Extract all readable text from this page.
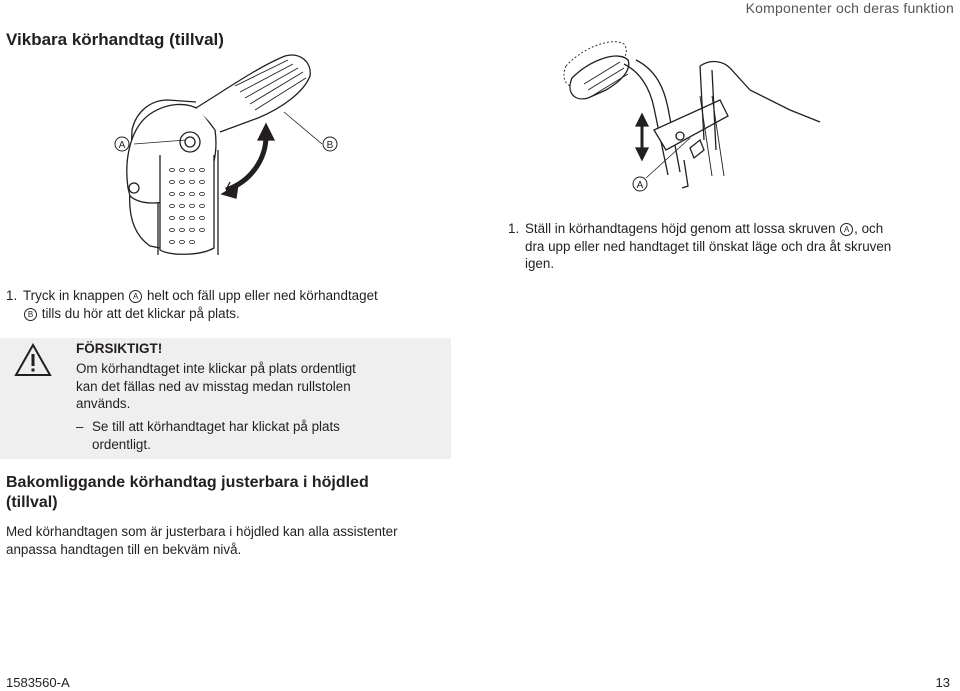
Komponenter och deras funktion
Vikbara körhandtag (tillval)
A	B
A
1. Ställ in körhandtagens höjd genom att lossa skruven A , och
dra upp eller ned handtaget till önskat läge och dra åt skruven
igen.
1. Tryck in knappen A helt och fäll upp eller ned körhandtaget
B tills du hör att det klickar på plats.
FÖRSIKTIGT!
Om körhandtaget inte klickar på plats ordentligt
kan det fällas ned av misstag medan rullstolen
används.
– Se till att körhandtaget har klickat på plats
ordentligt.
Bakomliggande körhandtag justerbara i höjdled
(tillval)
Med körhandtagen som är justerbara i höjdled kan alla assistenter
anpassa handtagen till en bekväm nivå.
1583560-A	13
